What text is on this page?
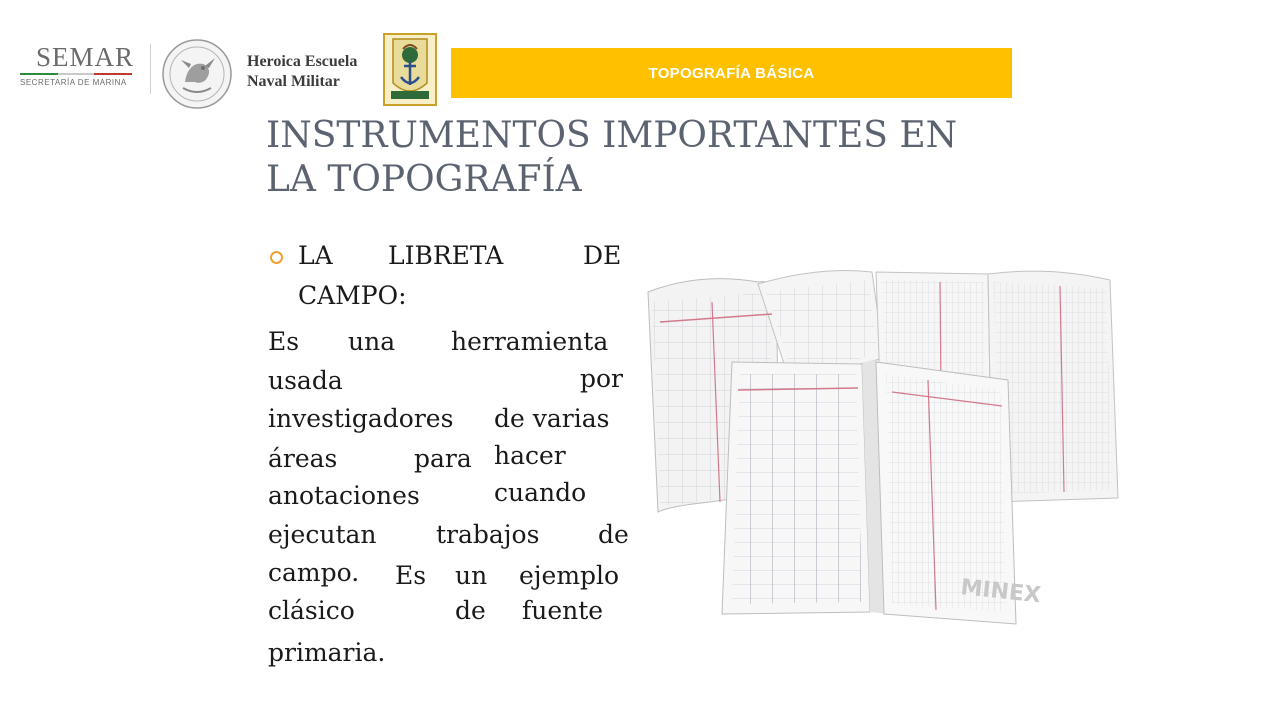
SEMAR
SECRETARÍA DE MARINA
Heroica Escuela
Naval Militar	TOPOGRAFÍA BÁSICA
INSTRUMENTOS IMPORTANTES EN
LA TOPOGRAFÍA
LA LIBRETA	DE
CAMPO:
Es una herramienta
usada	por
investigadores de varias
áreas	para hacer
anotaciones	cuando
ejecutan trabajos de
campo. Es un ejemplo
clásico	de fuente
primaria.
MINEX
